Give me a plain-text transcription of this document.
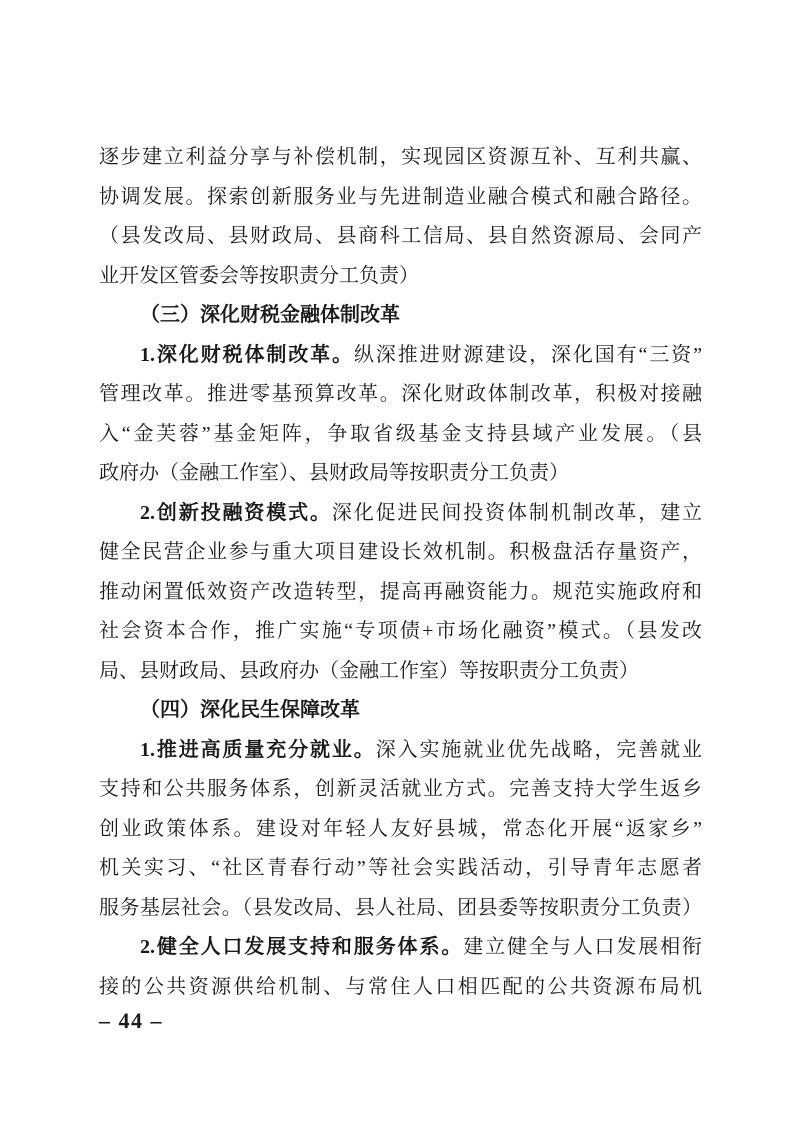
逐步建立利益分享与补偿机制，实现园区资源互补、互利共赢、
协调发展。探索创新服务业与先进制造业融合模式和融合路径。
（县发改局、县财政局、县商科工信局、县自然资源局、会同产
业开发区管委会等按职责分工负责）
（三）深化财税金融体制改革
1.深化财税体制改革。纵深推进财源建设，深化国有“三资”
管理改革。推进零基预算改革。深化财政体制改革，积极对接融
入“金芙蓉”基金矩阵，争取省级基金支持县域产业发展。（县
政府办（金融工作室）、县财政局等按职责分工负责）
2.创新投融资模式。深化促进民间投资体制机制改革，建立
健全民营企业参与重大项目建设长效机制。积极盘活存量资产，
推动闲置低效资产改造转型，提高再融资能力。规范实施政府和
社会资本合作，推广实施“专项债+市场化融资”模式。（县发改
局、县财政局、县政府办（金融工作室）等按职责分工负责）
（四）深化民生保障改革
1.推进高质量充分就业。深入实施就业优先战略，完善就业
支持和公共服务体系，创新灵活就业方式。完善支持大学生返乡
创业政策体系。建设对年轻人友好县城，常态化开展“返家乡”
机关实习、“社区青春行动”等社会实践活动，引导青年志愿者
服务基层社会。（县发改局、县人社局、团县委等按职责分工负责）
2.健全人口发展支持和服务体系。建立健全与人口发展相衔
接的公共资源供给机制、与常住人口相匹配的公共资源布局机
– 44 –
